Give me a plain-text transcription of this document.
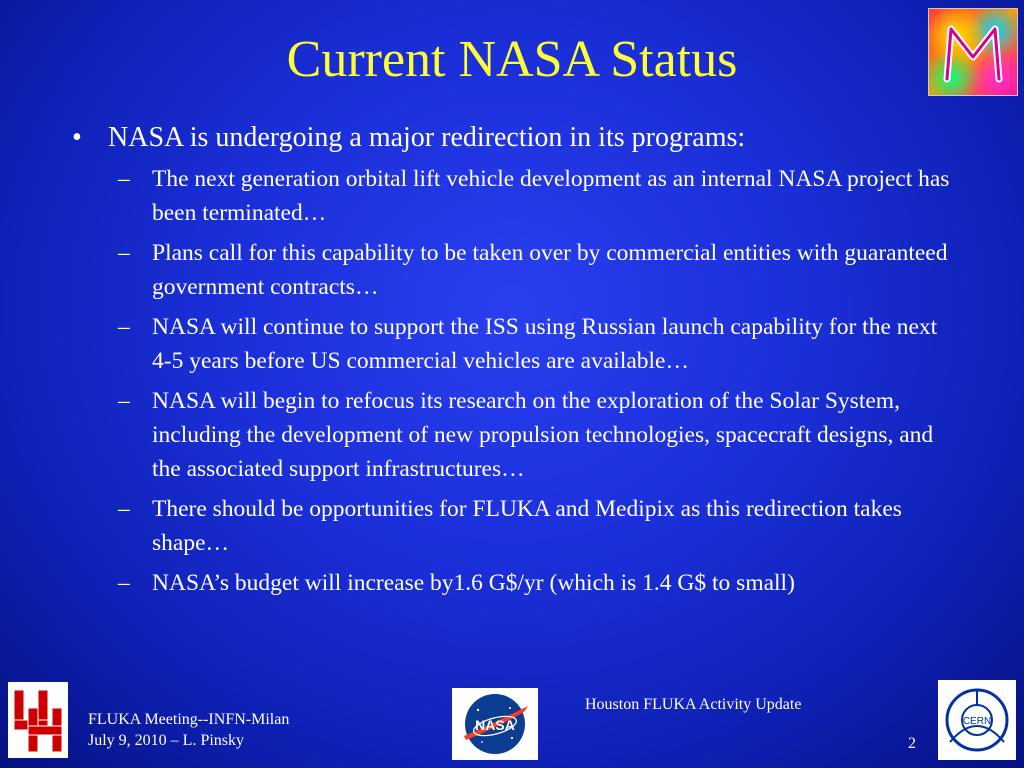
Current NASA Status
• NASA is undergoing a major redirection in its programs:
– The next generation orbital lift vehicle development as an internal NASA project has been terminated…
– Plans call for this capability to be taken over by commercial entities with guaranteed government contracts…
– NASA will continue to support the ISS using Russian launch capability for the next 4-5 years before US commercial vehicles are available…
– NASA will begin to refocus its research on the exploration of the Solar System, including the development of new propulsion technologies, spacecraft designs, and the associated support infrastructures…
– There should be opportunities for FLUKA and Medipix as this redirection takes shape…
– NASA’s budget will increase by1.6 G$/yr (which is 1.4 G$ to small)
FLUKA Meeting--INFN-Milan
July 9, 2010 – L. Pinsky
NASA
Houston FLUKA Activity Update
2
CERN
